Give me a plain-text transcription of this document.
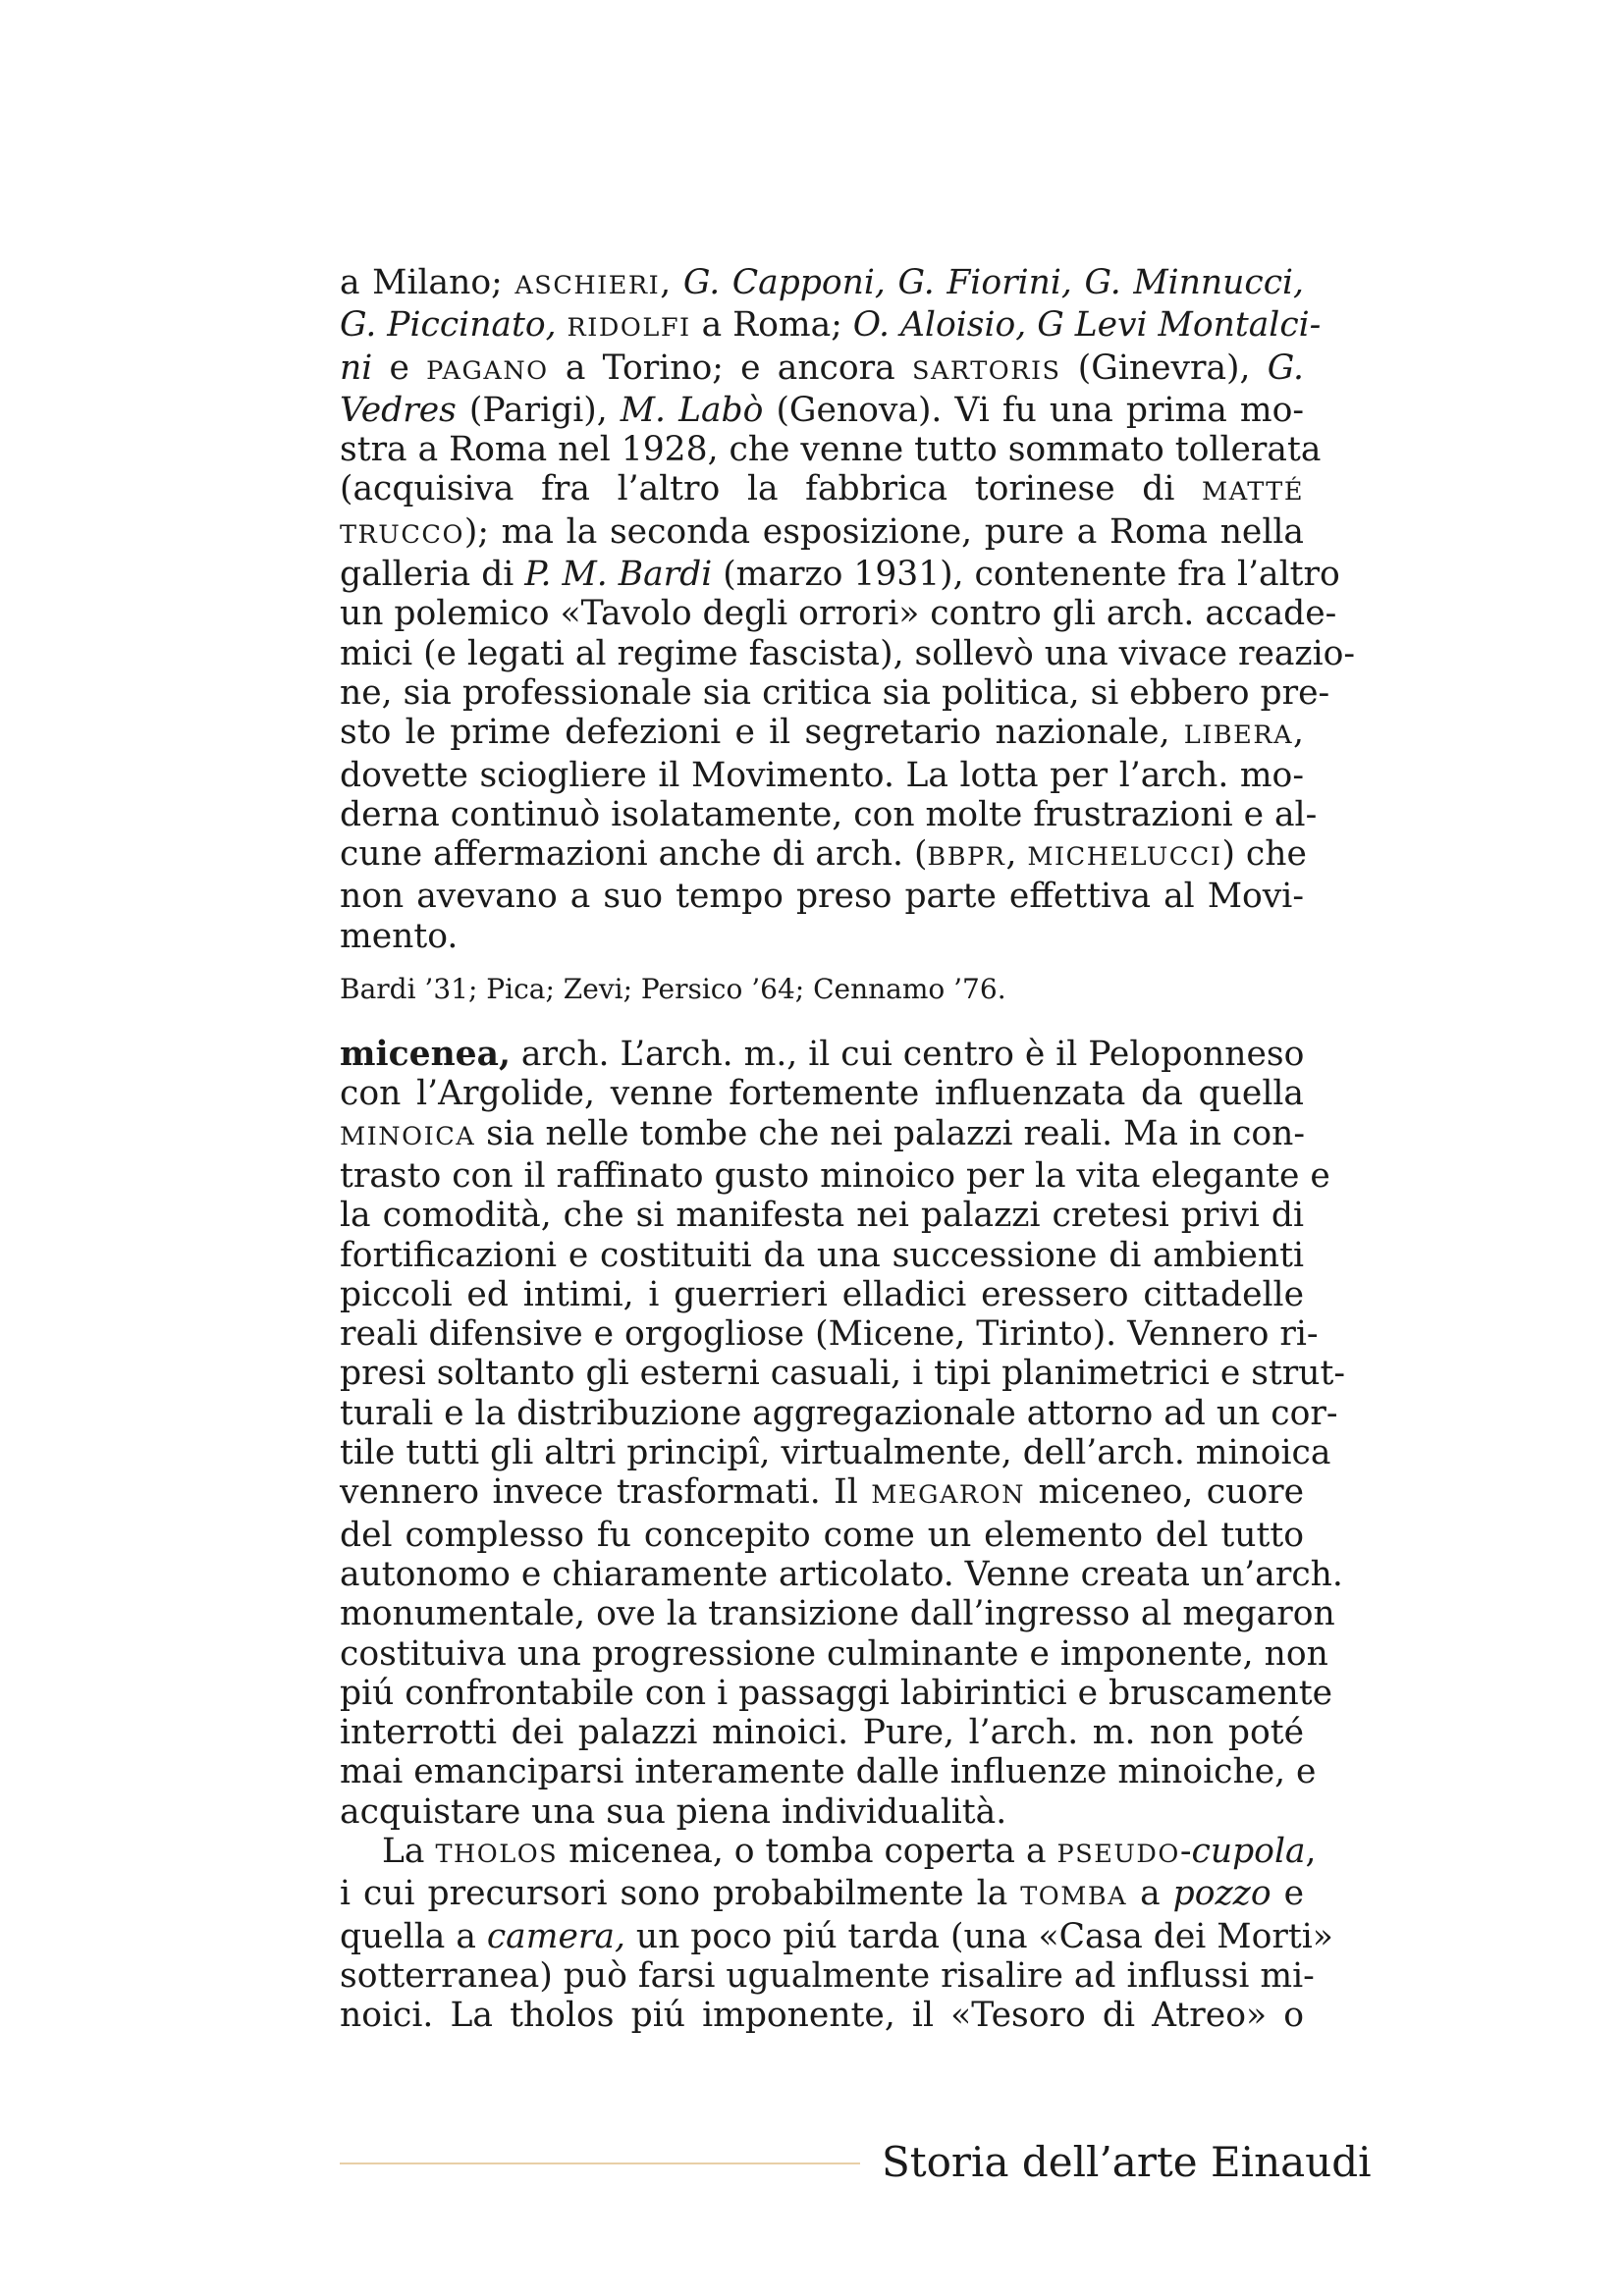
a Milano; ASCHIERI, G. Capponi, G. Fiorini, G. Minnucci,
G. Piccinato, RIDOLFI a Roma; O. Aloisio, G Levi Montalci-
ni e PAGANO a Torino; e ancora SARTORIS (Ginevra), G.
Vedres (Parigi), M. Labò (Genova). Vi fu una prima mo-
stra a Roma nel 1928, che venne tutto sommato tollerata
(acquisiva fra l’altro la fabbrica torinese di MATTÉ
TRUCCO); ma la seconda esposizione, pure a Roma nella
galleria di P. M. Bardi (marzo 1931), contenente fra l’altro
un polemico «Tavolo degli orrori» contro gli arch. accade-
mici (e legati al regime fascista), sollevò una vivace reazio-
ne, sia professionale sia critica sia politica, si ebbero pre-
sto le prime defezioni e il segretario nazionale, LIBERA,
dovette sciogliere il Movimento. La lotta per l’arch. mo-
derna continuò isolatamente, con molte frustrazioni e al-
cune affermazioni anche di arch. (BBPR, MICHELUCCI) che
non avevano a suo tempo preso parte effettiva al Movi-
mento.
Bardi ’31; Pica; Zevi; Persico ’64; Cennamo ’76.
micenea, arch. L’arch. m., il cui centro è il Peloponneso
con l’Argolide, venne fortemente influenzata da quella
MINOICA sia nelle tombe che nei palazzi reali. Ma in con-
trasto con il raffinato gusto minoico per la vita elegante e
la comodità, che si manifesta nei palazzi cretesi privi di
fortificazioni e costituiti da una successione di ambienti
piccoli ed intimi, i guerrieri elladici eressero cittadelle
reali difensive e orgogliose (Micene, Tirinto). Vennero ri-
presi soltanto gli esterni casuali, i tipi planimetrici e strut-
turali e la distribuzione aggregazionale attorno ad un cor-
tile tutti gli altri principî, virtualmente, dell’arch. minoica
vennero invece trasformati. Il MEGARON miceneo, cuore
del complesso fu concepito come un elemento del tutto
autonomo e chiaramente articolato. Venne creata un’arch.
monumentale, ove la transizione dall’ingresso al megaron
costituiva una progressione culminante e imponente, non
piú confrontabile con i passaggi labirintici e bruscamente
interrotti dei palazzi minoici. Pure, l’arch. m. non poté
mai emanciparsi interamente dalle influenze minoiche, e
acquistare una sua piena individualità.
La THOLOS micenea, o tomba coperta a PSEUDO-cupola,
i cui precursori sono probabilmente la TOMBA a pozzo e
quella a camera, un poco piú tarda (una «Casa dei Morti»
sotterranea) può farsi ugualmente risalire ad influssi mi-
noici. La tholos piú imponente, il «Tesoro di Atreo» o
Storia dell’arte Einaudi
